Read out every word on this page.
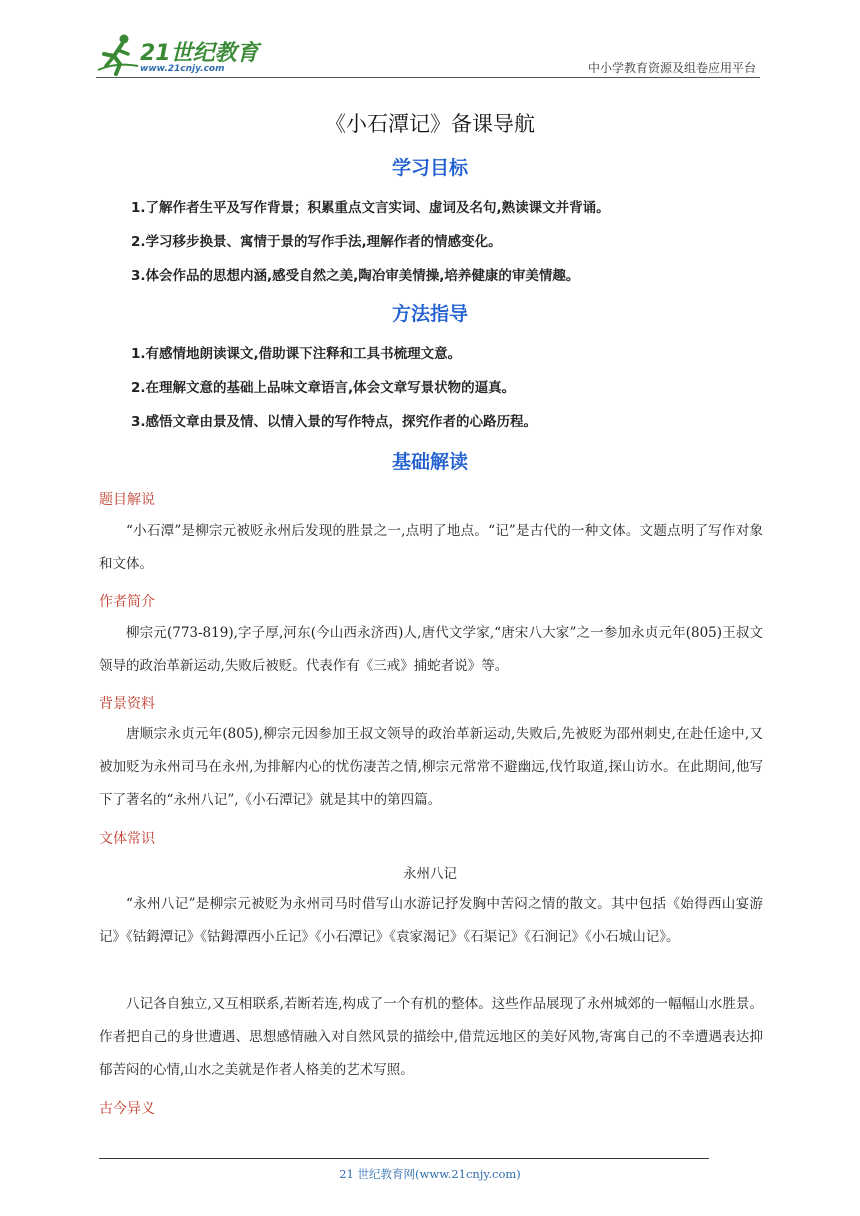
21世纪教育
www.21cnjy.com	中小学教育资源及组卷应用平台
《小石潭记》备课导航
学习目标
1.了解作者生平及写作背景；积累重点文言实词、虚词及名句,熟读课文并背诵。
2.学习移步换景、寓情于景的写作手法,理解作者的情感变化。
3.体会作品的思想内涵,感受自然之美,陶冶审美情操,培养健康的审美情趣。
方法指导
1.有感情地朗读课文,借助课下注释和工具书梳理文意。
2.在理解文意的基础上品味文章语言,体会文章写景状物的逼真。
3.感悟文章由景及情、以情入景的写作特点，探究作者的心路历程。
基础解读
题目解说

“小石潭”是柳宗元被贬永州后发现的胜景之一,点明了地点。“记”是古代的一种文体。文题点明了写作对象和文体。

作者简介

柳宗元(773-819),字子厚,河东(今山西永济西)人,唐代文学家,“唐宋八大家”之一参加永贞元年(805)王叔文领导的政治革新运动,失败后被贬。代表作有《三戒》捕蛇者说》等。

背景资料

唐顺宗永贞元年(805),柳宗元因参加王叔文领导的政治革新运动,失败后,先被贬为邵州刺史,在赴任途中,又被加贬为永州司马在永州,为排解内心的忧伤凄苦之情,柳宗元常常不避幽远,伐竹取道,探山访水。在此期间,他写下了著名的“永州八记”,《小石潭记》就是其中的第四篇。

文体常识
永州八记

“永州八记”是柳宗元被贬为永州司马时借写山水游记抒发胸中苦闷之情的散文。其中包括《始得西山宴游记》《钴鉧潭记》《钴鉧潭西小丘记》《小石潭记》《袁家渴记》《石渠记》《石涧记》《小石城山记》。

八记各自独立,又互相联系,若断若连,构成了一个有机的整体。这些作品展现了永州城郊的一幅幅山水胜景。作者把自己的身世遭遇、思想感情融入对自然风景的描绘中,借荒远地区的美好风物,寄寓自己的不幸遭遇表达抑郁苦闷的心情,山水之美就是作者人格美的艺术写照。

古今异义
21 世纪教育网(www.21cnjy.com)
